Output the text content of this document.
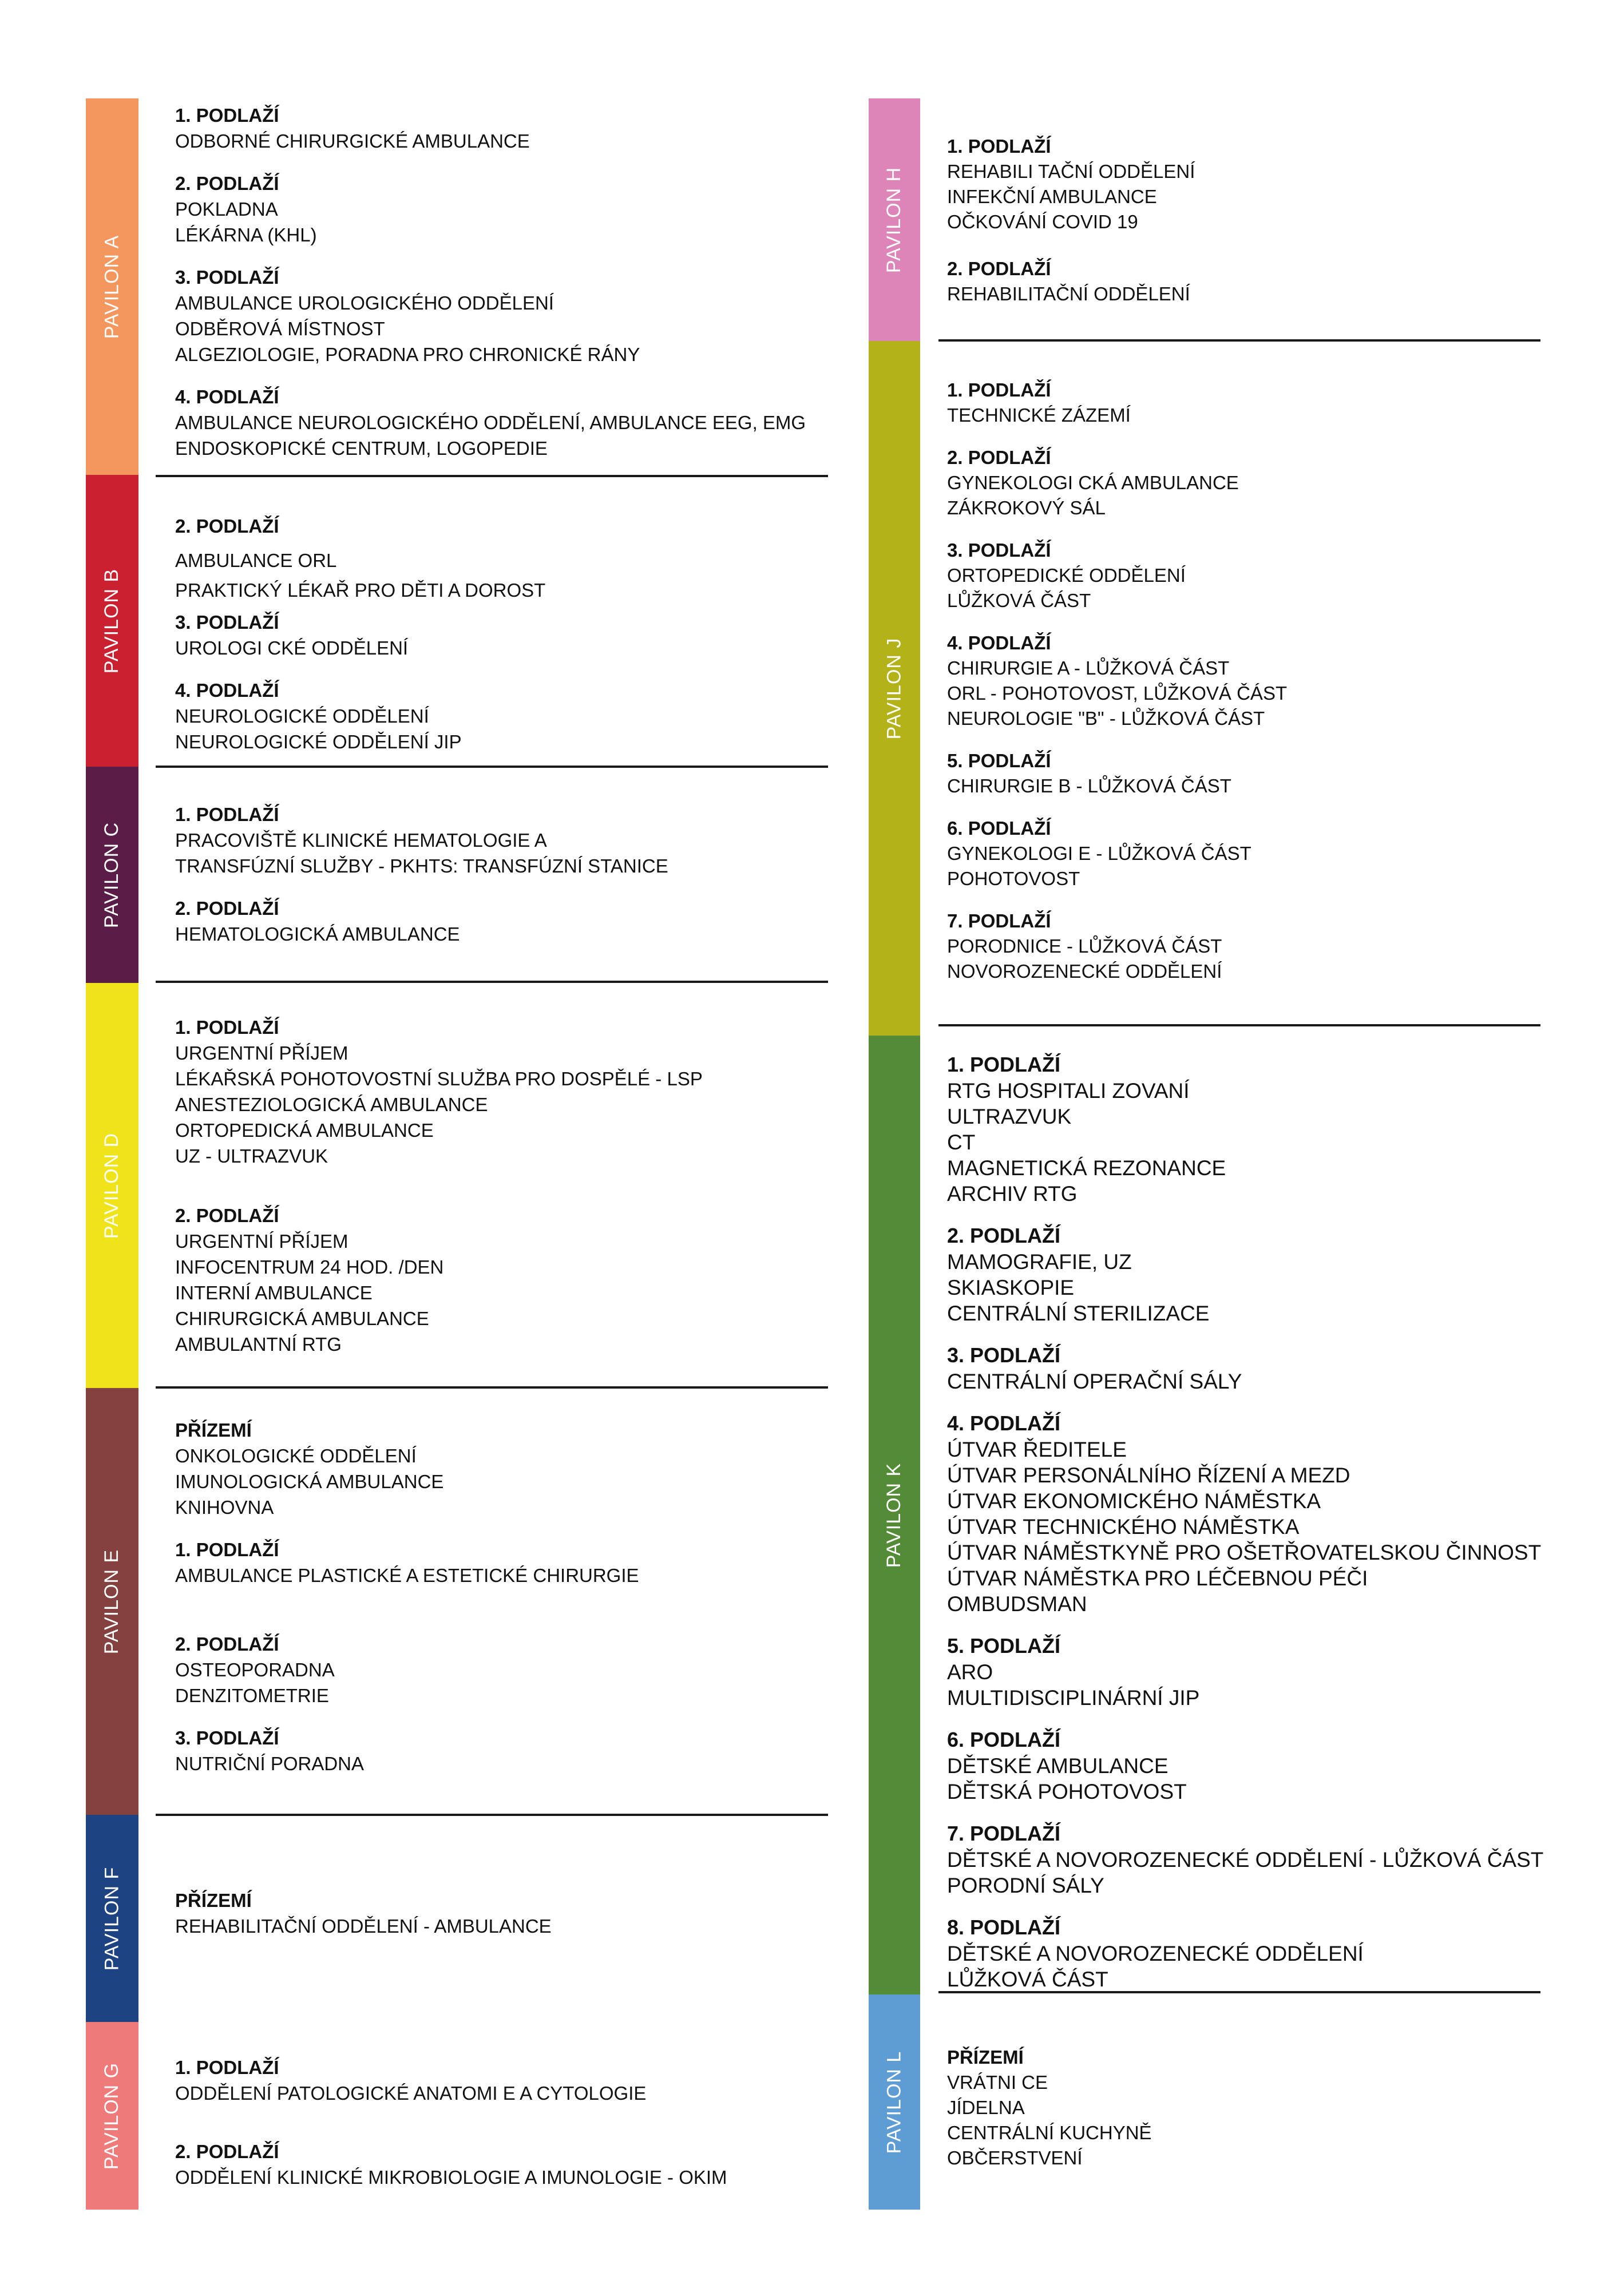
PAVILON A
PAVILON B
PAVILON C
PAVILON D
PAVILON E
PAVILON F
PAVILON G
PAVILON H
PAVILON J
PAVILON K
PAVILON L
1. PODLAŽÍ
ODBORNÉ CHIRURGICKÉ AMBULANCE
2. PODLAŽÍ
POKLADNA
LÉKÁRNA (KHL)
3. PODLAŽÍ
AMBULANCE UROLOGICKÉHO ODDĚLENÍ
ODBĚROVÁ MÍSTNOST
ALGEZIOLOGIE, PORADNA PRO CHRONICKÉ RÁNY
4. PODLAŽÍ
AMBULANCE NEUROLOGICKÉHO ODDĚLENÍ, AMBULANCE EEG, EMG
ENDOSKOPICKÉ CENTRUM, LOGOPEDIE
2. PODLAŽÍ
AMBULANCE ORL
PRAKTICKÝ LÉKAŘ PRO DĚTI A DOROST
3. PODLAŽÍ
UROLOGI CKÉ ODDĚLENÍ
4. PODLAŽÍ
NEUROLOGICKÉ ODDĚLENÍ
NEUROLOGICKÉ ODDĚLENÍ JIP
1. PODLAŽÍ
PRACOVIŠTĚ KLINICKÉ HEMATOLOGIE A
TRANSFÚZNÍ SLUŽBY - PKHTS: TRANSFÚZNÍ STANICE
2. PODLAŽÍ
HEMATOLOGICKÁ AMBULANCE
1. PODLAŽÍ
URGENTNÍ PŘÍJEM
LÉKAŘSKÁ POHOTOVOSTNÍ SLUŽBA PRO DOSPĚLÉ - LSP
ANESTEZIOLOGICKÁ AMBULANCE
ORTOPEDICKÁ AMBULANCE
UZ - ULTRAZVUK
2. PODLAŽÍ
URGENTNÍ PŘÍJEM
INFOCENTRUM 24 HOD. /DEN
INTERNÍ AMBULANCE
CHIRURGICKÁ AMBULANCE
AMBULANTNÍ RTG
PŘÍZEMÍ
ONKOLOGICKÉ ODDĚLENÍ
IMUNOLOGICKÁ AMBULANCE
KNIHOVNA
1. PODLAŽÍ
AMBULANCE PLASTICKÉ A ESTETICKÉ CHIRURGIE
2. PODLAŽÍ
OSTEOPORADNA
DENZITOMETRIE
3. PODLAŽÍ
NUTRIČNÍ PORADNA
PŘÍZEMÍ
REHABILITAČNÍ ODDĚLENÍ - AMBULANCE
1. PODLAŽÍ
ODDĚLENÍ PATOLOGICKÉ ANATOMI E A CYTOLOGIE
2. PODLAŽÍ
ODDĚLENÍ KLINICKÉ MIKROBIOLOGIE A IMUNOLOGIE - OKIM
1. PODLAŽÍ
REHABILI TAČNÍ ODDĚLENÍ
INFEKČNÍ AMBULANCE
OČKOVÁNÍ COVID 19
2. PODLAŽÍ
REHABILITAČNÍ ODDĚLENÍ
1. PODLAŽÍ
TECHNICKÉ ZÁZEMÍ
2. PODLAŽÍ
GYNEKOLOGI CKÁ AMBULANCE
ZÁKROKOVÝ SÁL
3. PODLAŽÍ
ORTOPEDICKÉ ODDĚLENÍ
LŮŽKOVÁ ČÁST
4. PODLAŽÍ
CHIRURGIE A - LŮŽKOVÁ ČÁST
ORL - POHOTOVOST, LŮŽKOVÁ ČÁST
NEUROLOGIE "B" - LŮŽKOVÁ ČÁST
5. PODLAŽÍ
CHIRURGIE B - LŮŽKOVÁ ČÁST
6. PODLAŽÍ
GYNEKOLOGI E - LŮŽKOVÁ ČÁST
POHOTOVOST
7. PODLAŽÍ
PORODNICE - LŮŽKOVÁ ČÁST
NOVOROZENECKÉ ODDĚLENÍ
1. PODLAŽÍ
RTG HOSPITALI ZOVANÍ
ULTRAZVUK
CT
MAGNETICKÁ REZONANCE
ARCHIV RTG
2. PODLAŽÍ
MAMOGRAFIE, UZ
SKIASKOPIE
CENTRÁLNÍ STERILIZACE
3. PODLAŽÍ
CENTRÁLNÍ OPERAČNÍ SÁLY
4. PODLAŽÍ
ÚTVAR ŘEDITELE
ÚTVAR PERSONÁLNÍHO ŘÍZENÍ A MEZD
ÚTVAR EKONOMICKÉHO NÁMĚSTKA
ÚTVAR TECHNICKÉHO NÁMĚSTKA
ÚTVAR NÁMĚSTKYNĚ PRO OŠETŘOVATELSKOU ČINNOST
ÚTVAR NÁMĚSTKA PRO LÉČEBNOU PÉČI
OMBUDSMAN
5. PODLAŽÍ
ARO
MULTIDISCIPLINÁRNÍ JIP
6. PODLAŽÍ
DĚTSKÉ AMBULANCE
DĚTSKÁ POHOTOVOST
7. PODLAŽÍ
DĚTSKÉ A NOVOROZENECKÉ ODDĚLENÍ - LŮŽKOVÁ ČÁST
PORODNÍ SÁLY
8. PODLAŽÍ
DĚTSKÉ A NOVOROZENECKÉ ODDĚLENÍ
LŮŽKOVÁ ČÁST
PŘÍZEMÍ
VRÁTNI CE
JÍDELNA
CENTRÁLNÍ KUCHYNĚ
OBČERSTVENÍ
